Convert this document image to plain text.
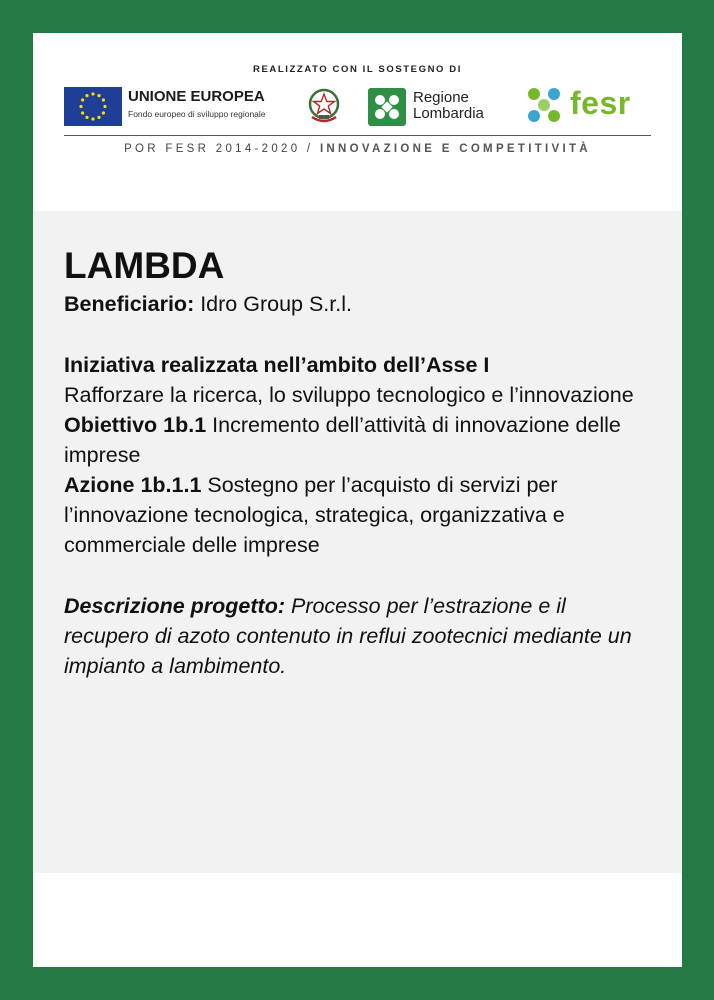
REALIZZATO CON IL SOSTEGNO DI
UNIONE EUROPEA
Fondo europeo di sviluppo regionale
Regione
Lombardia	fesr
POR FESR 2014-2020 / INNOVAZIONE E COMPETITIVITÀ
LAMBDA

Beneficiario: Idro Group S.r.l.

Iniziativa realizzata nell’ambito dell’Asse I

Rafforzare la ricerca, lo sviluppo tecnologico e l’innovazione

Obiettivo 1b.1 Incremento dell’attività di innovazione delle imprese

Azione 1b.1.1 Sostegno per l’acquisto di servizi per l’innovazione tecnologica, strategica, organizzativa e commerciale delle imprese

Descrizione progetto: Processo per l’estrazione e il recupero di azoto contenuto in reflui zootecnici mediante un impianto a lambimento.
